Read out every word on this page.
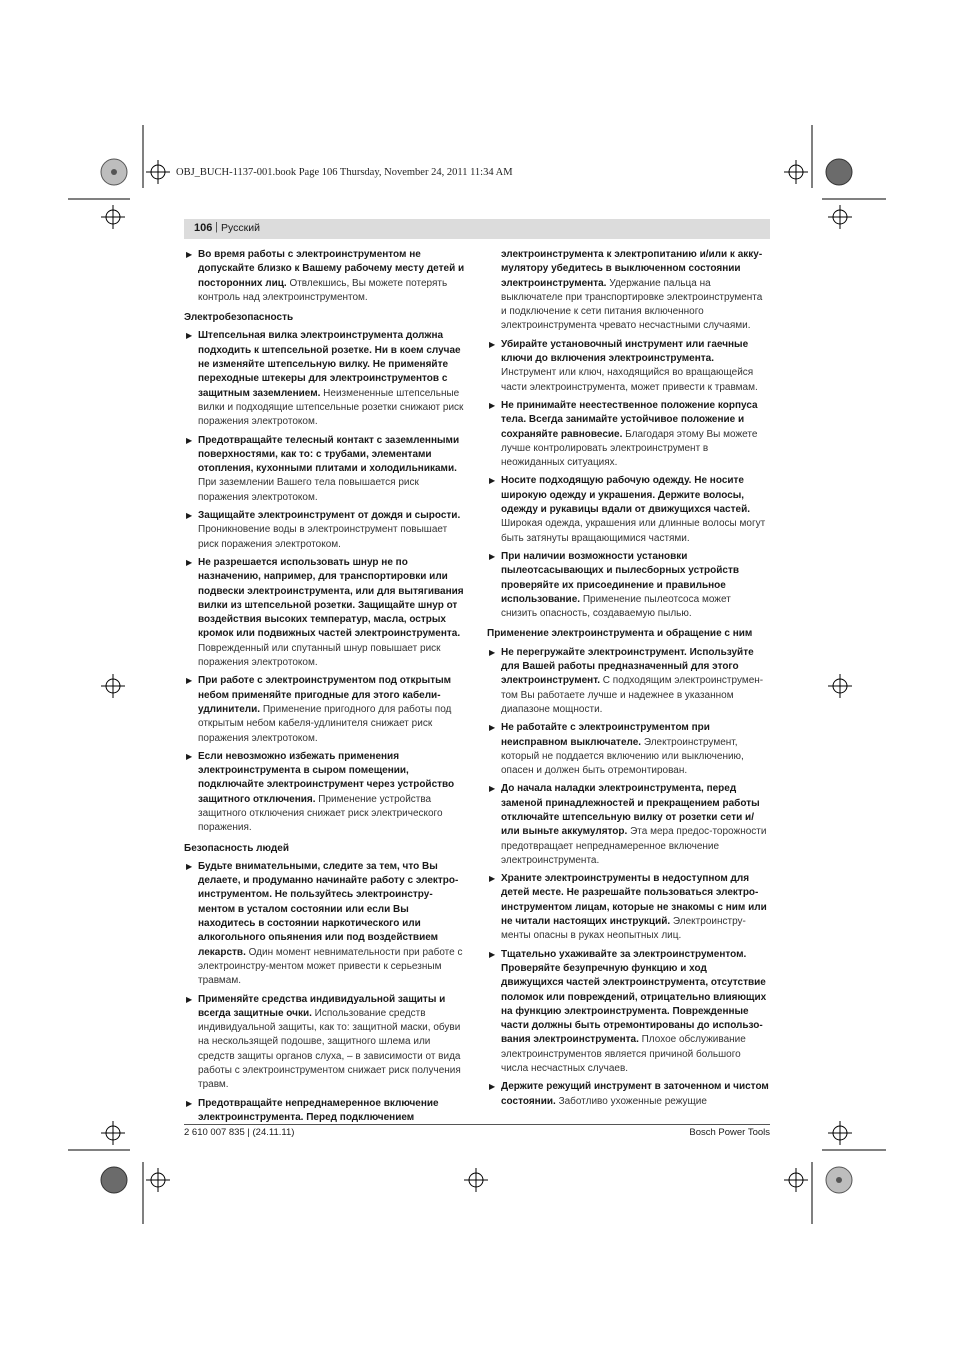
OBJ_BUCH-1137-001.book Page 106 Thursday, November 24, 2011 11:34 AM
106 | Русский
▶ Во время работы с электроинструментом не допускайте близко к Вашему рабочему месту детей и посторонних лиц. Отвлекшись, Вы можете потерять контроль над электроинструментом.
Электробезопасность
▶ Штепсельная вилка электроинструмента должна подходить к штепсельной розетке. Ни в коем случае не изменяйте штепсельную вилку. Не применяйте переходные штекеры для электроинструментов с защитным заземлением. Неизмененные штепсельные вилки и подходящие штепсельные розетки снижают риск поражения электротоком.
▶ Предотвращайте телесный контакт с заземленными поверхностями, как то: с трубами, элементами отопления, кухонными плитами и холодильниками. При заземлении Вашего тела повышается риск поражения электротоком.
▶ Защищайте электроинструмент от дождя и сырости. Проникновение воды в электроинструмент повышает риск поражения электротоком.
▶ Не разрешается использовать шнур не по назначению, например, для транспортировки или подвески электроинструмента, или для вытягивания вилки из штепсельной розетки. Защищайте шнур от воздействия высоких температур, масла, острых кромок или подвижных частей электроинструмента. Поврежденный или спутанный шнур повышает риск поражения электротоком.
▶ При работе с электроинструментом под открытым небом применяйте пригодные для этого кабели-удлинители. Применение пригодного для работы под открытым небом кабеля-удлинителя снижает риск поражения электротоком.
▶ Если невозможно избежать применения электроинструмента в сыром помещении, подключайте электроинструмент через устройство защитного отключения. Применение устройства защитного отключения снижает риск электрического поражения.
Безопасность людей
▶ Будьте внимательными, следите за тем, что Вы делаете, и продуманно начинайте работу с электро-инструментом. Не пользуйтесь электроинстру-ментом в усталом состоянии или если Вы находитесь в состоянии наркотического или алкогольного опьянения или под воздействием лекарств. Один момент невнимательности при работе с электроинстру-ментом может привести к серьезным травмам.
▶ Применяйте средства индивидуальной защиты и всегда защитные очки. Использование средств индивидуальной защиты, как то: защитной маски, обуви на нескользящей подошве, защитного шлема или средств защиты органов слуха, – в зависимости от вида работы с электроинструментом снижает риск получения травм.
▶ Предотвращайте непреднамеренное включение электроинструмента. Перед подключением
электроинструмента к электропитанию и/или к акку-мулятору убедитесь в выключенном состоянии электроинструмента. Удержание пальца на выключателе при транспортировке электроинструмента и подключение к сети питания включенного электроинструмента чревато несчастными случаями.
▶ Убирайте установочный инструмент или гаечные ключи до включения электроинструмента. Инструмент или ключ, находящийся во вращающейся части электроинструмента, может привести к травмам.
▶ Не принимайте неестественное положение корпуса тела. Всегда занимайте устойчивое положение и сохраняйте равновесие. Благодаря этому Вы можете лучше контролировать электроинструмент в неожиданных ситуациях.
▶ Носите подходящую рабочую одежду. Не носите широкую одежду и украшения. Держите волосы, одежду и рукавицы вдали от движущихся частей. Широкая одежда, украшения или длинные волосы могут быть затянуты вращающимися частями.
▶ При наличии возможности установки пылеотсасывающих и пылесборных устройств проверяйте их присоединение и правильное использование. Применение пылеотсоса может снизить опасность, создаваемую пылью.
Применение электроинструмента и обращение с ним
▶ Не перегружайте электроинструмент. Используйте для Вашей работы предназначенный для этого электроинструмент. С подходящим электроинструмен-том Вы работаете лучше и надежнее в указанном диапазоне мощности.
▶ Не работайте с электроинструментом при неисправном выключателе. Электроинструмент, который не поддается включению или выключению, опасен и должен быть отремонтирован.
▶ До начала наладки электроинструмента, перед заменой принадлежностей и прекращением работы отключайте штепсельную вилку от розетки сети и/или выньте аккумулятор. Эта мера предос-торожности предотвращает непреднамеренное включение электроинструмента.
▶ Храните электроинструменты в недоступном для детей месте. Не разрешайте пользоваться электро-инструментом лицам, которые не знакомы с ним или не читали настоящих инструкций. Электроинстру-менты опасны в руках неопытных лиц.
▶ Тщательно ухаживайте за электроинструментом. Проверяйте безупречную функцию и ход движущихся частей электроинструмента, отсутствие поломок или повреждений, отрицательно влияющих на функцию электроинструмента. Поврежденные части должны быть отремонтированы до использо-вания электроинструмента. Плохое обслуживание электроинструментов является причиной большого числа несчастных случаев.
▶ Держите режущий инструмент в заточенном и чистом состоянии. Заботливо ухоженные режущие
2 610 007 835 | (24.11.11)	Bosch Power Tools
